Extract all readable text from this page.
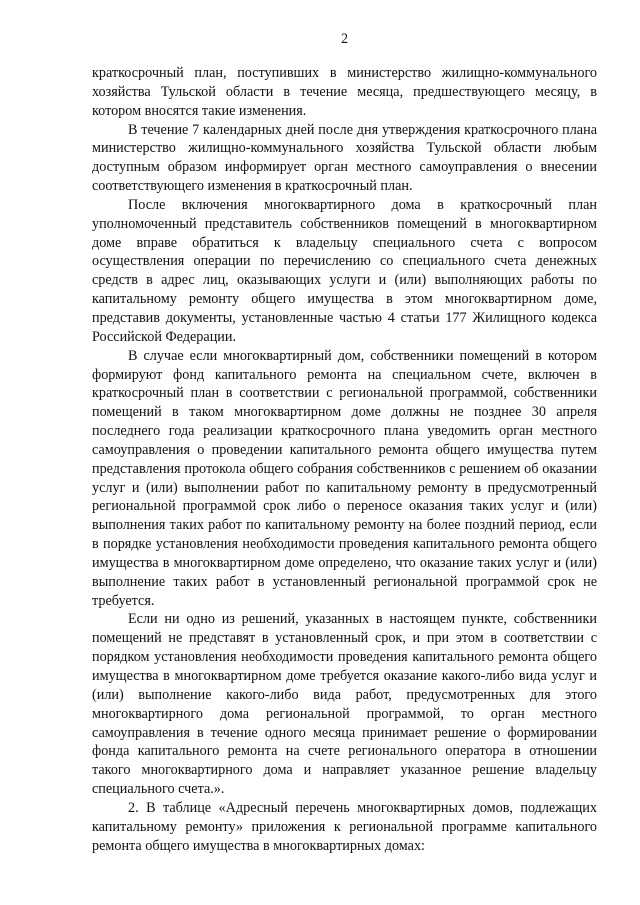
2

краткосрочный план, поступивших в министерство жилищно-коммунального хозяйства Тульской области в течение месяца, предшествующего месяцу, в котором вносятся такие изменения.

В течение 7 календарных дней после дня утверждения краткосрочного плана министерство жилищно-коммунального хозяйства Тульской области любым доступным образом информирует орган местного самоуправления о внесении соответствующего изменения в краткосрочный план.

После включения многоквартирного дома в краткосрочный план уполномоченный представитель собственников помещений в многоквартирном доме вправе обратиться к владельцу специального счета с вопросом осуществления операции по перечислению со специального счета денежных средств в адрес лиц, оказывающих услуги и (или) выполняющих работы по капитальному ремонту общего имущества в этом многоквартирном доме, представив документы, установленные частью 4 статьи 177 Жилищного кодекса Российской Федерации.

В случае если многоквартирный дом, собственники помещений в котором формируют фонд капитального ремонта на специальном счете, включен в краткосрочный план в соответствии с региональной программой, собственники помещений в таком многоквартирном доме должны не позднее 30 апреля последнего года реализации краткосрочного плана уведомить орган местного самоуправления о проведении капитального ремонта общего имущества путем представления протокола общего собрания собственников с решением об оказании услуг и (или) выполнении работ по капитальному ремонту в предусмотренный региональной программой срок либо о переносе оказания таких услуг и (или) выполнения таких работ по капитальному ремонту на более поздний период, если в порядке установления необходимости проведения капитального ремонта общего имущества в многоквартирном доме определено, что оказание таких услуг и (или) выполнение таких работ в установленный региональной программой срок не требуется.

Если ни одно из решений, указанных в настоящем пункте, собственники помещений не представят в установленный срок, и при этом в соответствии с порядком установления необходимости проведения капитального ремонта общего имущества в многоквартирном доме требуется оказание какого-либо вида услуг и (или) выполнение какого-либо вида работ, предусмотренных для этого многоквартирного дома региональной программой, то орган местного самоуправления в течение одного месяца принимает решение о формировании фонда капитального ремонта на счете регионального оператора в отношении такого многоквартирного дома и направляет указанное решение владельцу специального счета.».

2. В таблице «Адресный перечень многоквартирных домов, подлежащих капитальному ремонту» приложения к региональной программе капитального ремонта общего имущества в многоквартирных домах:
